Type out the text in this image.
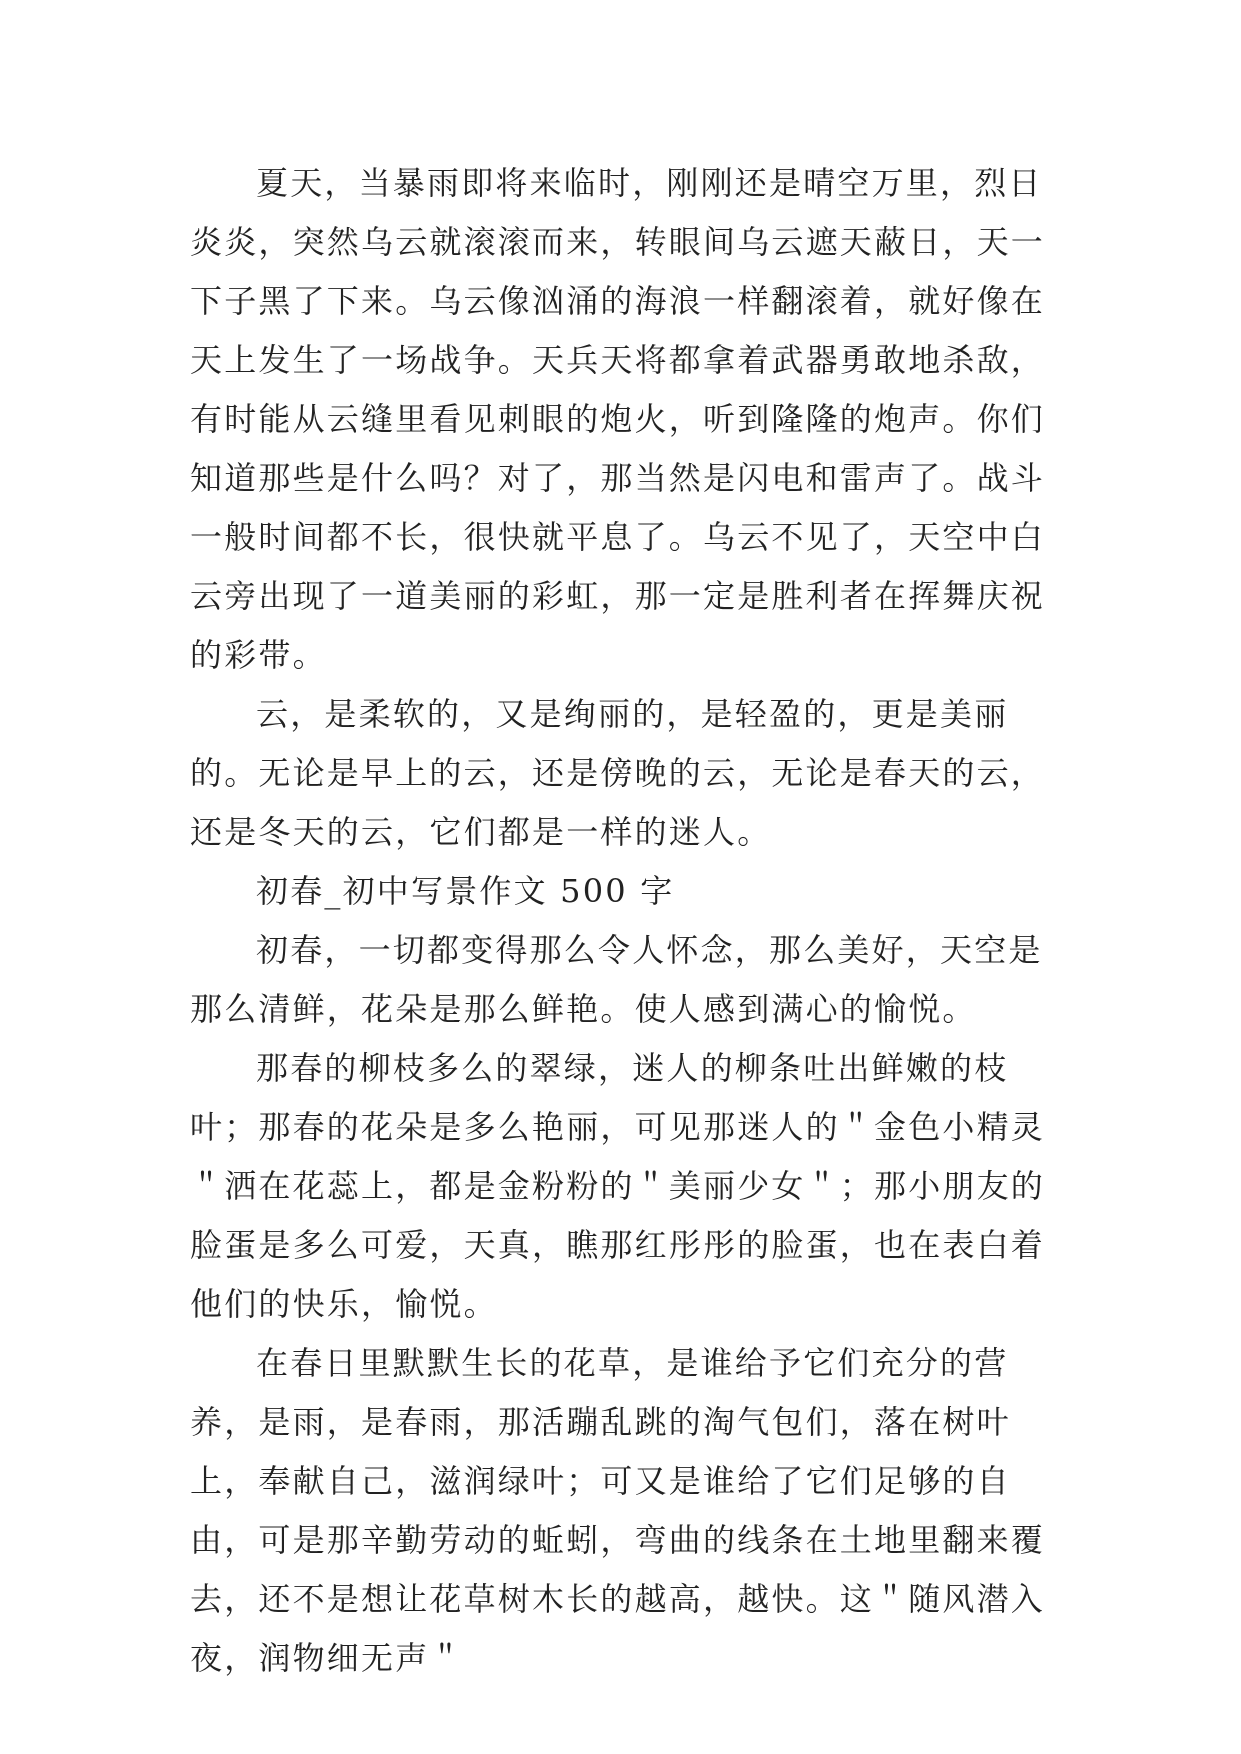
夏天，当暴雨即将来临时，刚刚还是晴空万里，烈日炎炎，突然乌云就滚滚而来，转眼间乌云遮天蔽日，天一下子黑了下来。乌云像汹涌的海浪一样翻滚着，就好像在天上发生了一场战争。天兵天将都拿着武器勇敢地杀敌，有时能从云缝里看见刺眼的炮火，听到隆隆的炮声。你们知道那些是什么吗？对了，那当然是闪电和雷声了。战斗一般时间都不长，很快就平息了。乌云不见了，天空中白云旁出现了一道美丽的彩虹，那一定是胜利者在挥舞庆祝的彩带。

云，是柔软的，又是绚丽的，是轻盈的，更是美丽的。无论是早上的云，还是傍晚的云，无论是春天的云，还是冬天的云，它们都是一样的迷人。

初春_初中写景作文 500 字

初春，一切都变得那么令人怀念，那么美好，天空是那么清鲜，花朵是那么鲜艳。使人感到满心的愉悦。

那春的柳枝多么的翠绿，迷人的柳条吐出鲜嫩的枝叶；那春的花朵是多么艳丽，可见那迷人的＂金色小精灵＂洒在花蕊上，都是金粉粉的＂美丽少女＂；那小朋友的脸蛋是多么可爱，天真，瞧那红彤彤的脸蛋，也在表白着他们的快乐，愉悦。

在春日里默默生长的花草，是谁给予它们充分的营养，是雨，是春雨，那活蹦乱跳的淘气包们，落在树叶上，奉献自己，滋润绿叶；可又是谁给了它们足够的自由，可是那辛勤劳动的蚯蚓，弯曲的线条在土地里翻来覆去，还不是想让花草树木长的越高，越快。这＂随风潜入夜，润物细无声＂
